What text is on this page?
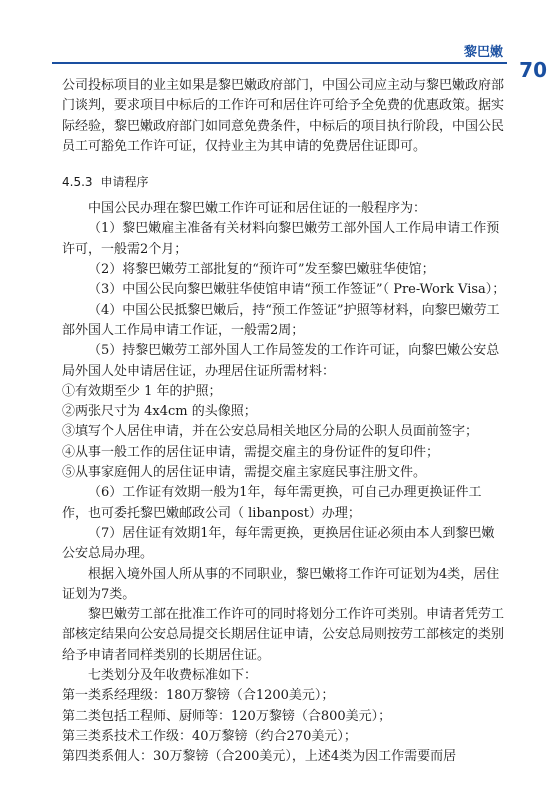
黎巴嫩
70

公司投标项目的业主如果是黎巴嫩政府部门，中国公司应主动与黎巴嫩政府部门谈判，要求项目中标后的工作许可和居住许可给予全免费的优惠政策。据实际经验，黎巴嫩政府部门如同意免费条件，中标后的项目执行阶段，中国公民员工可豁免工作许可证，仅持业主为其申请的免费居住证即可。

4.5.3 申请程序

中国公民办理在黎巴嫩工作许可证和居住证的一般程序为：

（1）黎巴嫩雇主准备有关材料向黎巴嫩劳工部外国人工作局申请工作预许可，一般需2个月；

（2）将黎巴嫩劳工部批复的“预许可”发至黎巴嫩驻华使馆；

（3）中国公民向黎巴嫩驻华使馆申请“预工作签证”（ Pre-Work Visa）；

（4）中国公民抵黎巴嫩后，持“预工作签证”护照等材料，向黎巴嫩劳工部外国人工作局申请工作证，一般需2周；

（5）持黎巴嫩劳工部外国人工作局签发的工作许可证，向黎巴嫩公安总局外国人处申请居住证，办理居住证所需材料：

①有效期至少 1 年的护照；

②两张尺寸为 4x4cm 的头像照；

③填写个人居住申请，并在公安总局相关地区分局的公职人员面前签字；

④从事一般工作的居住证申请，需提交雇主的身份证件的复印件；

⑤从事家庭佣人的居住证申请，需提交雇主家庭民事注册文件。

（6）工作证有效期一般为1年，每年需更换，可自己办理更换证件工作，也可委托黎巴嫩邮政公司（ libanpost）办理；

（7）居住证有效期1年，每年需更换，更换居住证必须由本人到黎巴嫩公安总局办理。

根据入境外国人所从事的不同职业，黎巴嫩将工作许可证划为4类，居住证划为7类。

黎巴嫩劳工部在批准工作许可的同时将划分工作许可类别。申请者凭劳工部核定结果向公安总局提交长期居住证申请，公安总局则按劳工部核定的类别给予申请者同样类别的长期居住证。

七类划分及年收费标准如下：

第一类系经理级：180万黎镑（合1200美元）；

第二类包括工程师、厨师等：120万黎镑（合800美元）；

第三类系技术工作级：40万黎镑（约合270美元）；

第四类系佣人：30万黎镑（合200美元），上述4类为因工作需要而居
